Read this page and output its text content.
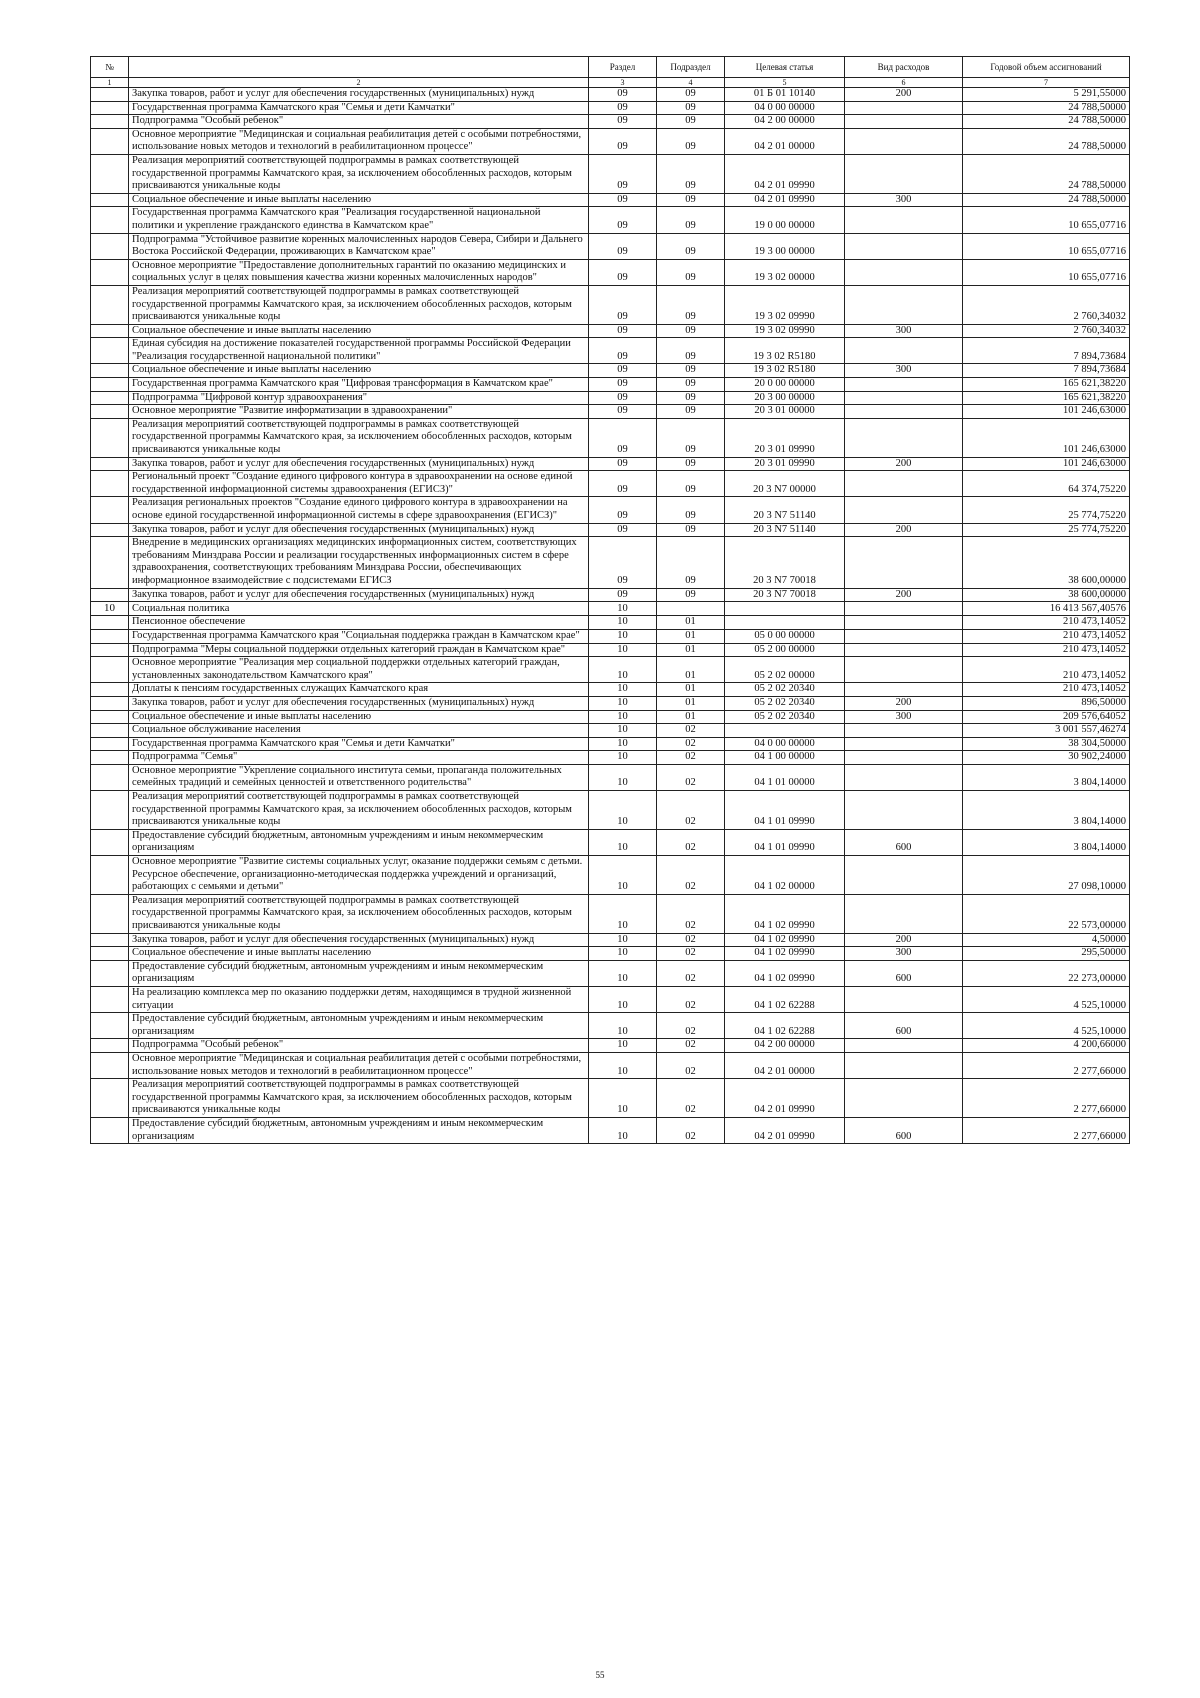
№		Раздел	Подраздел	Целевая статья	Вид расходов	Годовой объем ассигнований
1	2	3	4	5	6	7
	Закупка товаров, работ и услуг для обеспечения государственных (муниципальных) нужд	09	09	01 Б 01 10140	200	5 291,55000
	Государственная программа Камчатского края "Семья и дети Камчатки"	09	09	04 0 00 00000		24 788,50000
	Подпрограмма "Особый ребенок"	09	09	04 2 00 00000		24 788,50000
	Основное мероприятие "Медицинская и социальная реабилитация детей с особыми потребностями, использование новых методов и технологий в реабилитационном процессе"	09	09	04 2 01 00000		24 788,50000
	Реализация мероприятий соответствующей подпрограммы в рамках соответствующей государственной программы Камчатского края, за исключением обособленных расходов, которым присваиваются уникальные коды	09	09	04 2 01 09990		24 788,50000
	Социальное обеспечение и иные выплаты населению	09	09	04 2 01 09990	300	24 788,50000
	Государственная программа Камчатского края "Реализация государственной национальной политики и укрепление гражданского единства в Камчатском крае"	09	09	19 0 00 00000		10 655,07716
	Подпрограмма "Устойчивое развитие коренных малочисленных народов Севера, Сибири и Дальнего Востока Российской Федерации, проживающих в Камчатском крае"	09	09	19 3 00 00000		10 655,07716
	Основное мероприятие "Предоставление дополнительных гарантий по оказанию медицинских и социальных услуг в целях повышения качества жизни коренных малочисленных народов"	09	09	19 3 02 00000		10 655,07716
	Реализация мероприятий соответствующей подпрограммы в рамках соответствующей государственной программы Камчатского края, за исключением обособленных расходов, которым присваиваются уникальные коды	09	09	19 3 02 09990		2 760,34032
	Социальное обеспечение и иные выплаты населению	09	09	19 3 02 09990	300	2 760,34032
	Единая субсидия на достижение показателей государственной программы Российской Федерации "Реализация государственной национальной политики"	09	09	19 3 02 R5180		7 894,73684
	Социальное обеспечение и иные выплаты населению	09	09	19 3 02 R5180	300	7 894,73684
	Государственная программа Камчатского края "Цифровая трансформация в Камчатском крае"	09	09	20 0 00 00000		165 621,38220
	Подпрограмма "Цифровой контур здравоохранения"	09	09	20 3 00 00000		165 621,38220
	Основное мероприятие "Развитие информатизации в здравоохранении"	09	09	20 3 01 00000		101 246,63000
	Реализация мероприятий соответствующей подпрограммы в рамках соответствующей государственной программы Камчатского края, за исключением обособленных расходов, которым присваиваются уникальные коды	09	09	20 3 01 09990		101 246,63000
	Закупка товаров, работ и услуг для обеспечения государственных (муниципальных) нужд	09	09	20 3 01 09990	200	101 246,63000
	Региональный проект "Создание единого цифрового контура в здравоохранении на основе единой государственной информационной системы здравоохранения (ЕГИСЗ)"	09	09	20 3 N7 00000		64 374,75220
	Реализация региональных проектов "Создание единого цифрового контура в здравоохранении на основе единой государственной информационной системы в сфере здравоохранения (ЕГИСЗ)"	09	09	20 3 N7 51140		25 774,75220
	Закупка товаров, работ и услуг для обеспечения государственных (муниципальных) нужд	09	09	20 3 N7 51140	200	25 774,75220
	Внедрение в медицинских организациях медицинских информационных систем, соответствующих требованиям Минздрава России и реализации государственных информационных систем в сфере здравоохранения, соответствующих требованиям Минздрава России, обеспечивающих информационное взаимодействие с подсистемами ЕГИСЗ	09	09	20 3 N7 70018		38 600,00000
	Закупка товаров, работ и услуг для обеспечения государственных (муниципальных) нужд	09	09	20 3 N7 70018	200	38 600,00000
10	Социальная политика	10				16 413 567,40576
	Пенсионное обеспечение	10	01			210 473,14052
	Государственная программа Камчатского края "Социальная поддержка граждан в Камчатском крае"	10	01	05 0 00 00000		210 473,14052
	Подпрограмма "Меры социальной поддержки отдельных категорий граждан в Камчатском крае"	10	01	05 2 00 00000		210 473,14052
	Основное мероприятие "Реализация мер социальной поддержки отдельных категорий граждан, установленных законодательством Камчатского края"	10	01	05 2 02 00000		210 473,14052
	Доплаты к пенсиям государственных служащих Камчатского края	10	01	05 2 02 20340		210 473,14052
	Закупка товаров, работ и услуг для обеспечения государственных (муниципальных) нужд	10	01	05 2 02 20340	200	896,50000
	Социальное обеспечение и иные выплаты населению	10	01	05 2 02 20340	300	209 576,64052
	Социальное обслуживание населения	10	02			3 001 557,46274
	Государственная программа Камчатского края "Семья и дети Камчатки"	10	02	04 0 00 00000		38 304,50000
	Подпрограмма "Семья"	10	02	04 1 00 00000		30 902,24000
	Основное мероприятие "Укрепление социального института семьи, пропаганда положительных семейных традиций и семейных ценностей и ответственного родительства"	10	02	04 1 01 00000		3 804,14000
	Реализация мероприятий соответствующей подпрограммы в рамках соответствующей государственной программы Камчатского края, за исключением обособленных расходов, которым присваиваются уникальные коды	10	02	04 1 01 09990		3 804,14000
	Предоставление субсидий бюджетным, автономным учреждениям и иным некоммерческим организациям	10	02	04 1 01 09990	600	3 804,14000
	Основное мероприятие "Развитие системы социальных услуг, оказание поддержки семьям с детьми. Ресурсное обеспечение, организационно-методическая поддержка учреждений и организаций, работающих с семьями и детьми"	10	02	04 1 02 00000		27 098,10000
	Реализация мероприятий соответствующей подпрограммы в рамках соответствующей государственной программы Камчатского края, за исключением обособленных расходов, которым присваиваются уникальные коды	10	02	04 1 02 09990		22 573,00000
	Закупка товаров, работ и услуг для обеспечения государственных (муниципальных) нужд	10	02	04 1 02 09990	200	4,50000
	Социальное обеспечение и иные выплаты населению	10	02	04 1 02 09990	300	295,50000
	Предоставление субсидий бюджетным, автономным учреждениям и иным некоммерческим организациям	10	02	04 1 02 09990	600	22 273,00000
	На реализацию комплекса мер по оказанию поддержки детям, находящимся в трудной жизненной ситуации	10	02	04 1 02 62288		4 525,10000
	Предоставление субсидий бюджетным, автономным учреждениям и иным некоммерческим организациям	10	02	04 1 02 62288	600	4 525,10000
	Подпрограмма "Особый ребенок"	10	02	04 2 00 00000		4 200,66000
	Основное мероприятие "Медицинская и социальная реабилитация детей с особыми потребностями, использование новых методов и технологий в реабилитационном процессе"	10	02	04 2 01 00000		2 277,66000
	Реализация мероприятий соответствующей подпрограммы в рамках соответствующей государственной программы Камчатского края, за исключением обособленных расходов, которым присваиваются уникальные коды	10	02	04 2 01 09990		2 277,66000
	Предоставление субсидий бюджетным, автономным учреждениям и иным некоммерческим организациям	10	02	04 2 01 09990	600	2 277,66000
55
